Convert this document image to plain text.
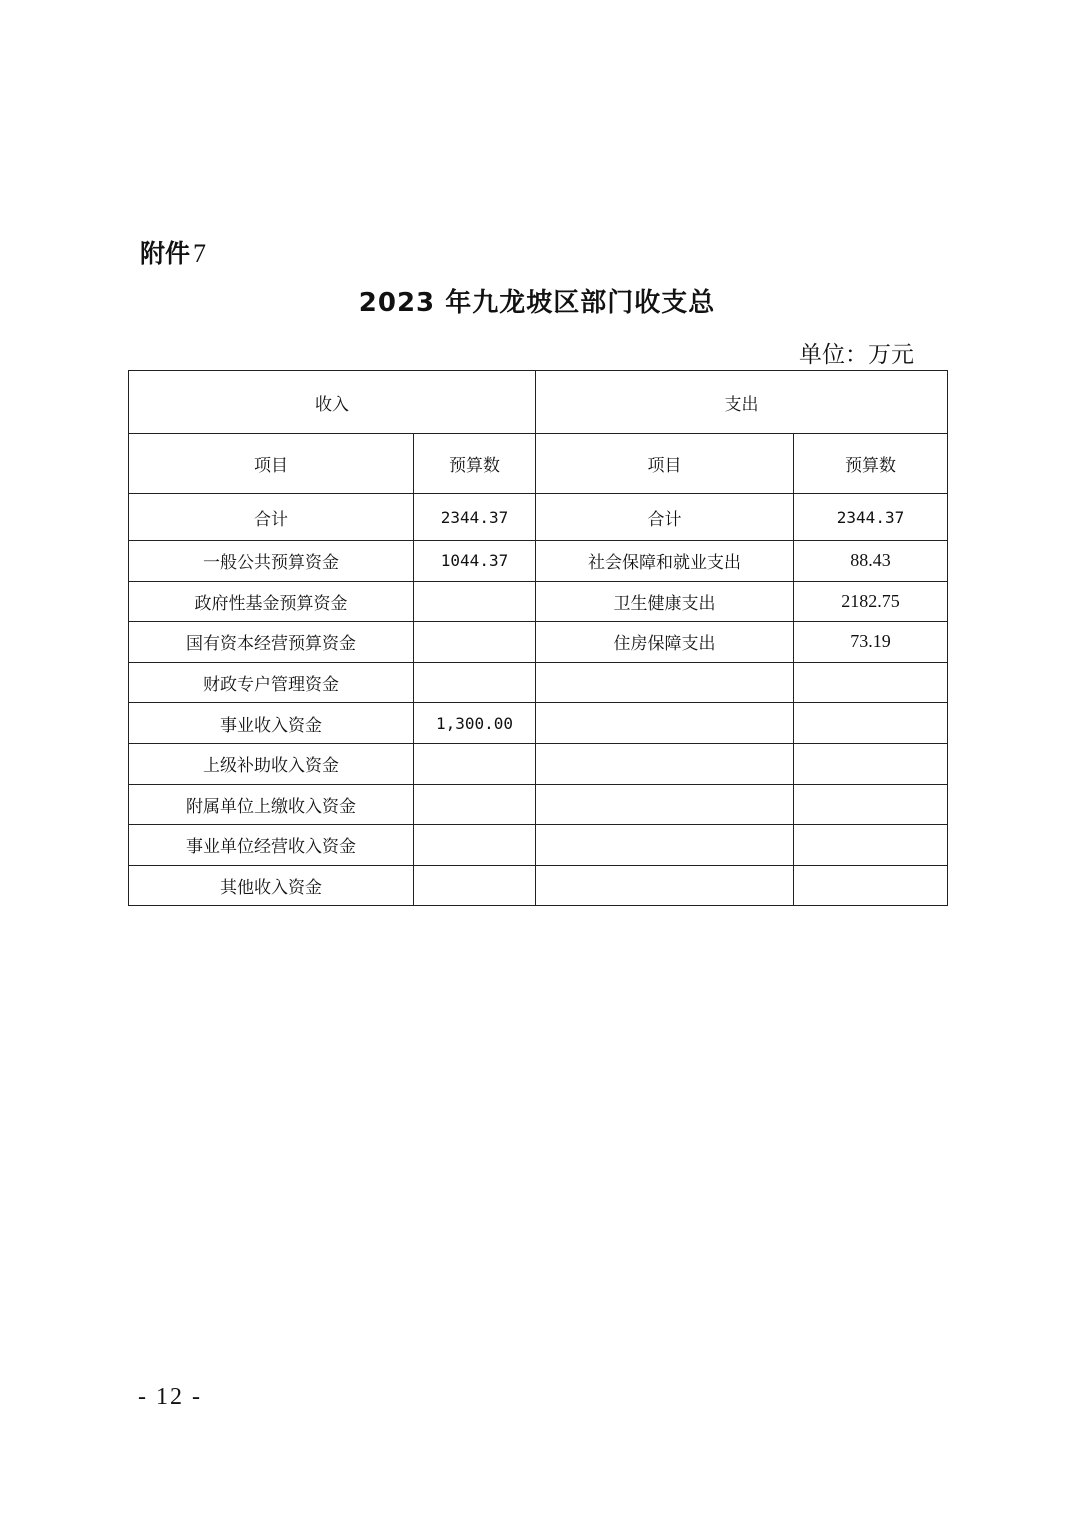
附件 7
2023 年九龙坡区部门收支总
单位：万元
收入		支出	
项目	预算数	项目	预算数
合计	2344.37	合计	2344.37
一般公共预算资金	1044.37	社会保障和就业支出	88.43
政府性基金预算资金		卫生健康支出	2182.75
国有资本经营预算资金		住房保障支出	73.19
财政专户管理资金			
事业收入资金	1,300.00		
上级补助收入资金			
附属单位上缴收入资金			
事业单位经营收入资金			
其他收入资金			
- 12 -
